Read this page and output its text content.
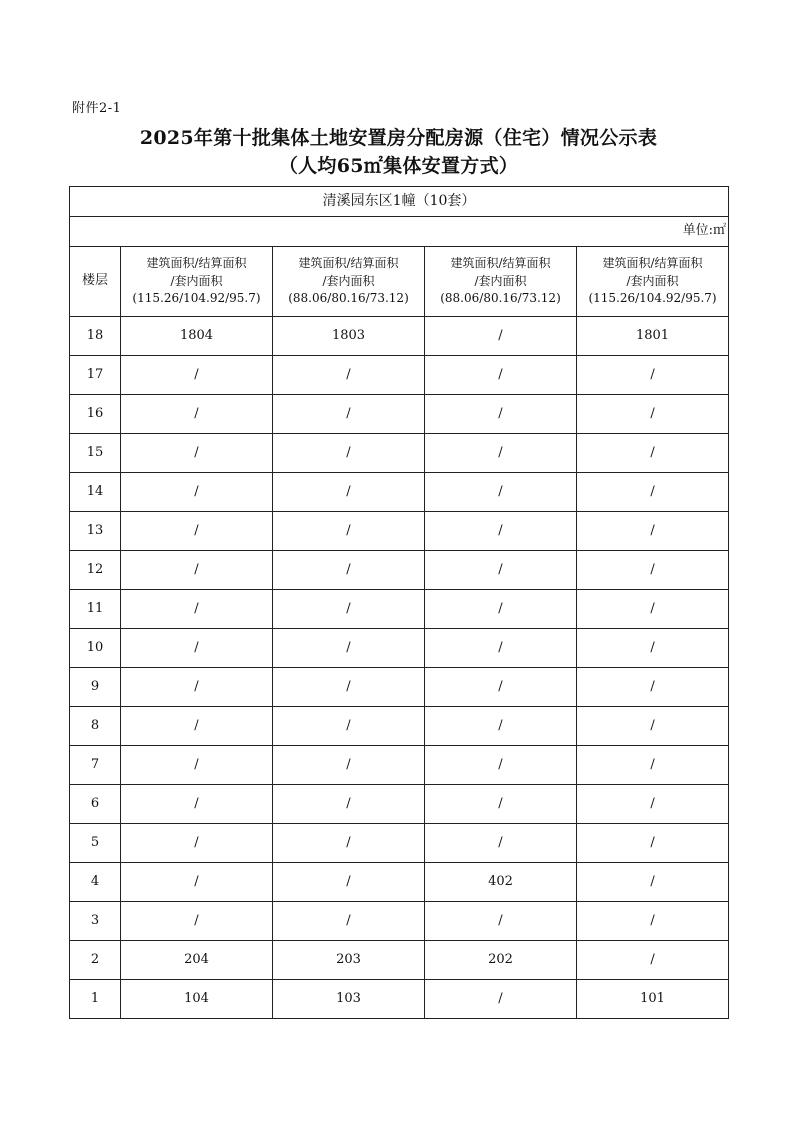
附件2-1
2025年第十批集体土地安置房分配房源（住宅）情况公示表
（人均65㎡集体安置方式）
清溪园东区1幢（10套）				
单位:㎡				
楼层	建筑面积/结算面积
/套内面积
(115.26/104.92/95.7)	建筑面积/结算面积
/套内面积
(88.06/80.16/73.12)	建筑面积/结算面积
/套内面积
(88.06/80.16/73.12)	建筑面积/结算面积
/套内面积
(115.26/104.92/95.7)

18	1804	1803	/	1801
17	/	/	/	/
16	/	/	/	/
15	/	/	/	/
14	/	/	/	/
13	/	/	/	/
12	/	/	/	/
11	/	/	/	/
10	/	/	/	/
9	/	/	/	/
8	/	/	/	/
7	/	/	/	/
6	/	/	/	/
5	/	/	/	/
4	/	/	402	/
3	/	/	/	/
2	204	203	202	/
1	104	103	/	101
